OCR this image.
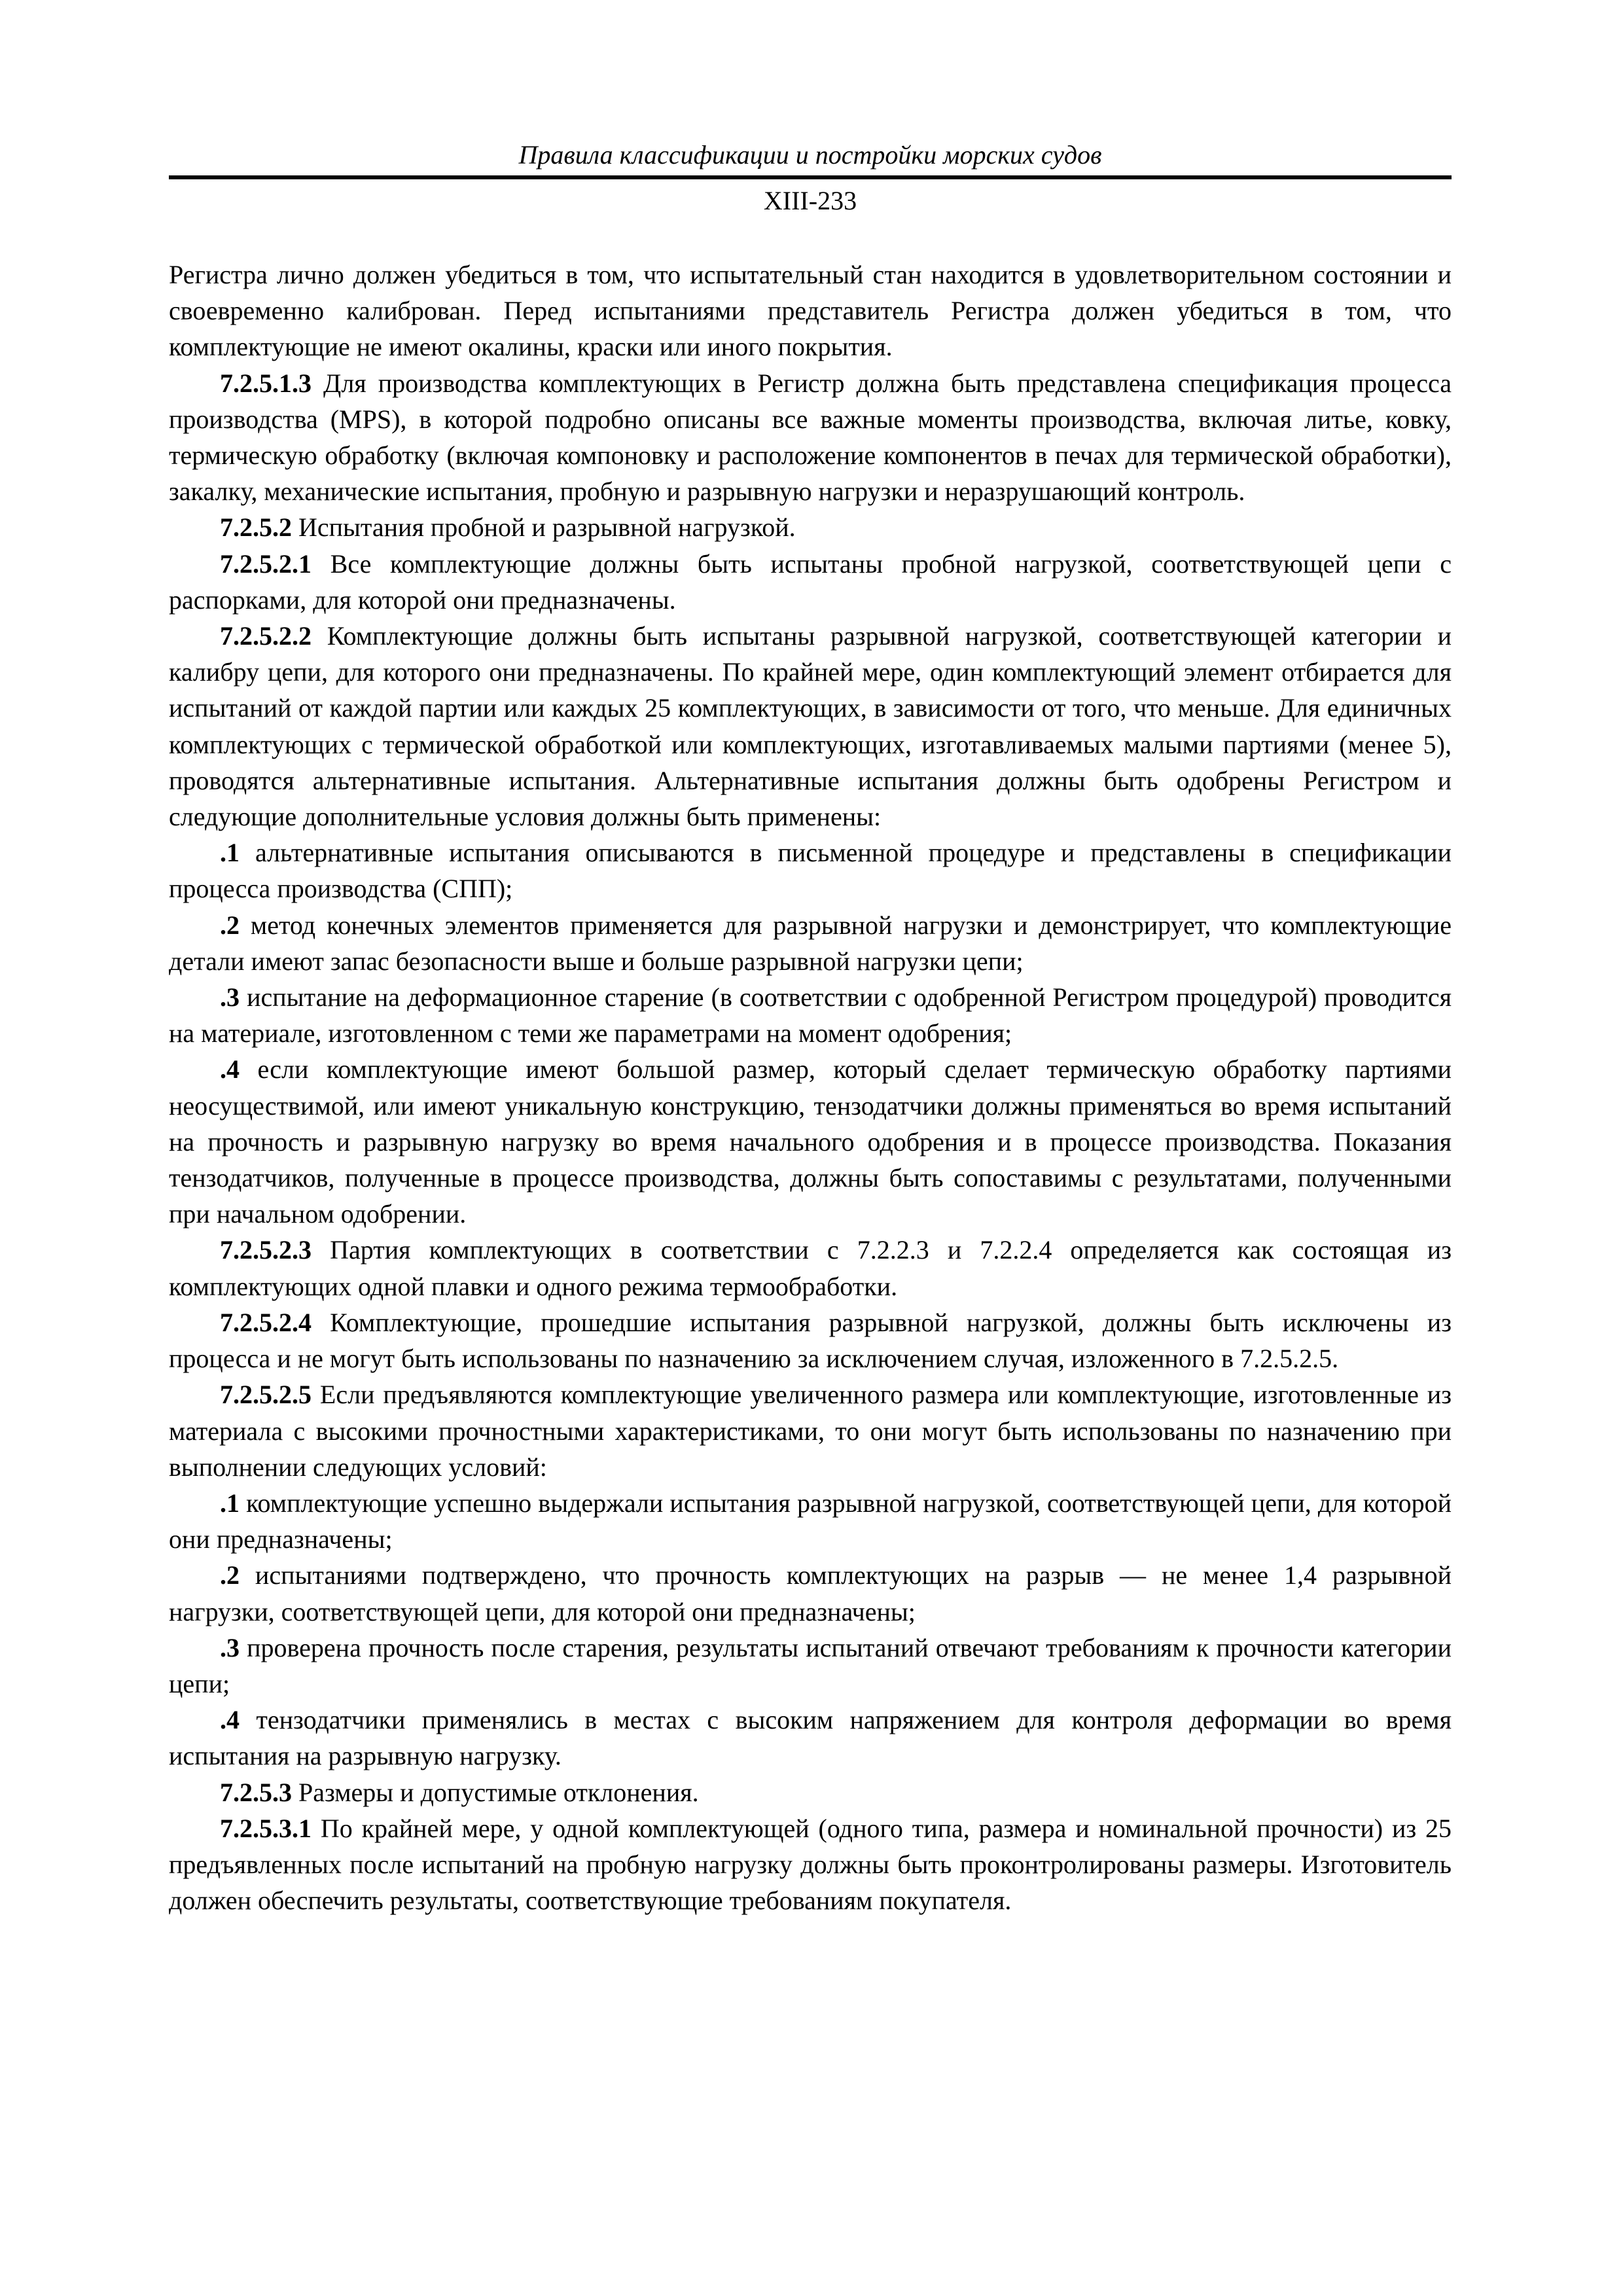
Правила классификации и постройки морских судов
XIII-233

Регистра лично должен убедиться в том, что испытательный стан находится в удовлетворительном состоянии и своевременно калиброван. Перед испытаниями представитель Регистра должен убедиться в том, что комплектующие не имеют окалины, краски или иного покрытия.

7.2.5.1.3 Для производства комплектующих в Регистр должна быть представлена спецификация процесса производства (MPS), в которой подробно описаны все важные моменты производства, включая литье, ковку, термическую обработку (включая компоновку и расположение компонентов в печах для термической обработки), закалку, механические испытания, пробную и разрывную нагрузки и неразрушающий контроль.

7.2.5.2 Испытания пробной и разрывной нагрузкой.

7.2.5.2.1 Все комплектующие должны быть испытаны пробной нагрузкой, соответствующей цепи с распорками, для которой они предназначены.

7.2.5.2.2 Комплектующие должны быть испытаны разрывной нагрузкой, соответствующей категории и калибру цепи, для которого они предназначены. По крайней мере, один комплектующий элемент отбирается для испытаний от каждой партии или каждых 25 комплектующих, в зависимости от того, что меньше. Для единичных комплектующих с термической обработкой или комплектующих, изготавливаемых малыми партиями (менее 5), проводятся альтернативные испытания. Альтернативные испытания должны быть одобрены Регистром и следующие дополнительные условия должны быть применены:

.1 альтернативные испытания описываются в письменной процедуре и представлены в спецификации процесса производства (СПП);

.2 метод конечных элементов применяется для разрывной нагрузки и демонстрирует, что комплектующие детали имеют запас безопасности выше и больше разрывной нагрузки цепи;

.3 испытание на деформационное старение (в соответствии с одобренной Регистром процедурой) проводится на материале, изготовленном с теми же параметрами на момент одобрения;

.4 если комплектующие имеют большой размер, который сделает термическую обработку партиями неосуществимой, или имеют уникальную конструкцию, тензодатчики должны применяться во время испытаний на прочность и разрывную нагрузку во время начального одобрения и в процессе производства. Показания тензодатчиков, полученные в процессе производства, должны быть сопоставимы с результатами, полученными при начальном одобрении.

7.2.5.2.3 Партия комплектующих в соответствии с 7.2.2.3 и 7.2.2.4 определяется как состоящая из комплектующих одной плавки и одного режима термообработки.

7.2.5.2.4 Комплектующие, прошедшие испытания разрывной нагрузкой, должны быть исключены из процесса и не могут быть использованы по назначению за исключением случая, изложенного в 7.2.5.2.5.

7.2.5.2.5 Если предъявляются комплектующие увеличенного размера или комплектующие, изготовленные из материала с высокими прочностными характеристиками, то они могут быть использованы по назначению при выполнении следующих условий:

.1 комплектующие успешно выдержали испытания разрывной нагрузкой, соответствующей цепи, для которой они предназначены;

.2 испытаниями подтверждено, что прочность комплектующих на разрыв — не менее 1,4 разрывной нагрузки, соответствующей цепи, для которой они предназначены;

.3 проверена прочность после старения, результаты испытаний отвечают требованиям к прочности категории цепи;

.4 тензодатчики применялись в местах с высоким напряжением для контроля деформации во время испытания на разрывную нагрузку.

7.2.5.3 Размеры и допустимые отклонения.

7.2.5.3.1 По крайней мере, у одной комплектующей (одного типа, размера и номинальной прочности) из 25 предъявленных после испытаний на пробную нагрузку должны быть проконтролированы размеры. Изготовитель должен обеспечить результаты, соответствующие требованиям покупателя.
